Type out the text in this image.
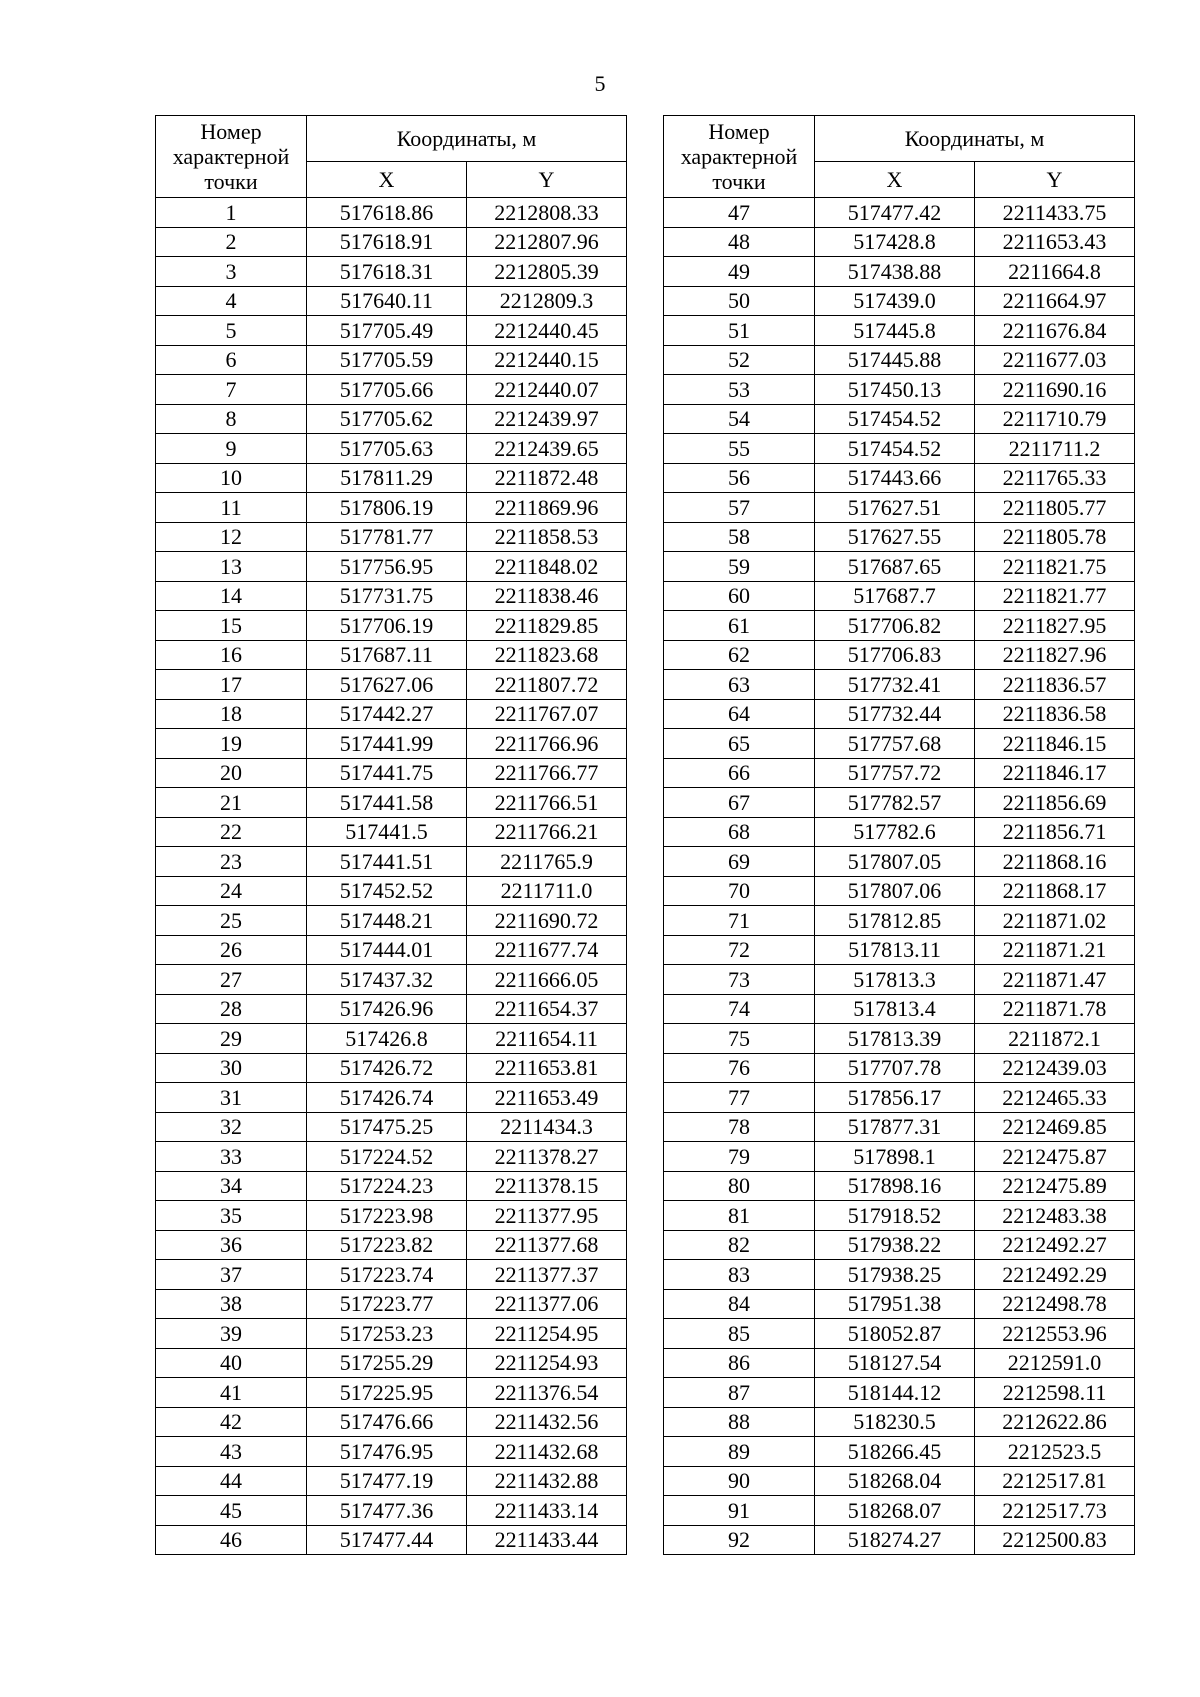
5
Номер
характерной
точки	Координаты, м	
	X	Y
1	517618.86	2212808.33
2	517618.91	2212807.96
3	517618.31	2212805.39
4	517640.11	2212809.3
5	517705.49	2212440.45
6	517705.59	2212440.15
7	517705.66	2212440.07
8	517705.62	2212439.97
9	517705.63	2212439.65
10	517811.29	2211872.48
11	517806.19	2211869.96
12	517781.77	2211858.53
13	517756.95	2211848.02
14	517731.75	2211838.46
15	517706.19	2211829.85
16	517687.11	2211823.68
17	517627.06	2211807.72
18	517442.27	2211767.07
19	517441.99	2211766.96
20	517441.75	2211766.77
21	517441.58	2211766.51
22	517441.5	2211766.21
23	517441.51	2211765.9
24	517452.52	2211711.0
25	517448.21	2211690.72
26	517444.01	2211677.74
27	517437.32	2211666.05
28	517426.96	2211654.37
29	517426.8	2211654.11
30	517426.72	2211653.81
31	517426.74	2211653.49
32	517475.25	2211434.3
33	517224.52	2211378.27
34	517224.23	2211378.15
35	517223.98	2211377.95
36	517223.82	2211377.68
37	517223.74	2211377.37
38	517223.77	2211377.06
39	517253.23	2211254.95
40	517255.29	2211254.93
41	517225.95	2211376.54
42	517476.66	2211432.56
43	517476.95	2211432.68
44	517477.19	2211432.88
45	517477.36	2211433.14
46	517477.44	2211433.44
Номер
характерной
точки	Координаты, м	
	X	Y
47	517477.42	2211433.75
48	517428.8	2211653.43
49	517438.88	2211664.8
50	517439.0	2211664.97
51	517445.8	2211676.84
52	517445.88	2211677.03
53	517450.13	2211690.16
54	517454.52	2211710.79
55	517454.52	2211711.2
56	517443.66	2211765.33
57	517627.51	2211805.77
58	517627.55	2211805.78
59	517687.65	2211821.75
60	517687.7	2211821.77
61	517706.82	2211827.95
62	517706.83	2211827.96
63	517732.41	2211836.57
64	517732.44	2211836.58
65	517757.68	2211846.15
66	517757.72	2211846.17
67	517782.57	2211856.69
68	517782.6	2211856.71
69	517807.05	2211868.16
70	517807.06	2211868.17
71	517812.85	2211871.02
72	517813.11	2211871.21
73	517813.3	2211871.47
74	517813.4	2211871.78
75	517813.39	2211872.1
76	517707.78	2212439.03
77	517856.17	2212465.33
78	517877.31	2212469.85
79	517898.1	2212475.87
80	517898.16	2212475.89
81	517918.52	2212483.38
82	517938.22	2212492.27
83	517938.25	2212492.29
84	517951.38	2212498.78
85	518052.87	2212553.96
86	518127.54	2212591.0
87	518144.12	2212598.11
88	518230.5	2212622.86
89	518266.45	2212523.5
90	518268.04	2212517.81
91	518268.07	2212517.73
92	518274.27	2212500.83
